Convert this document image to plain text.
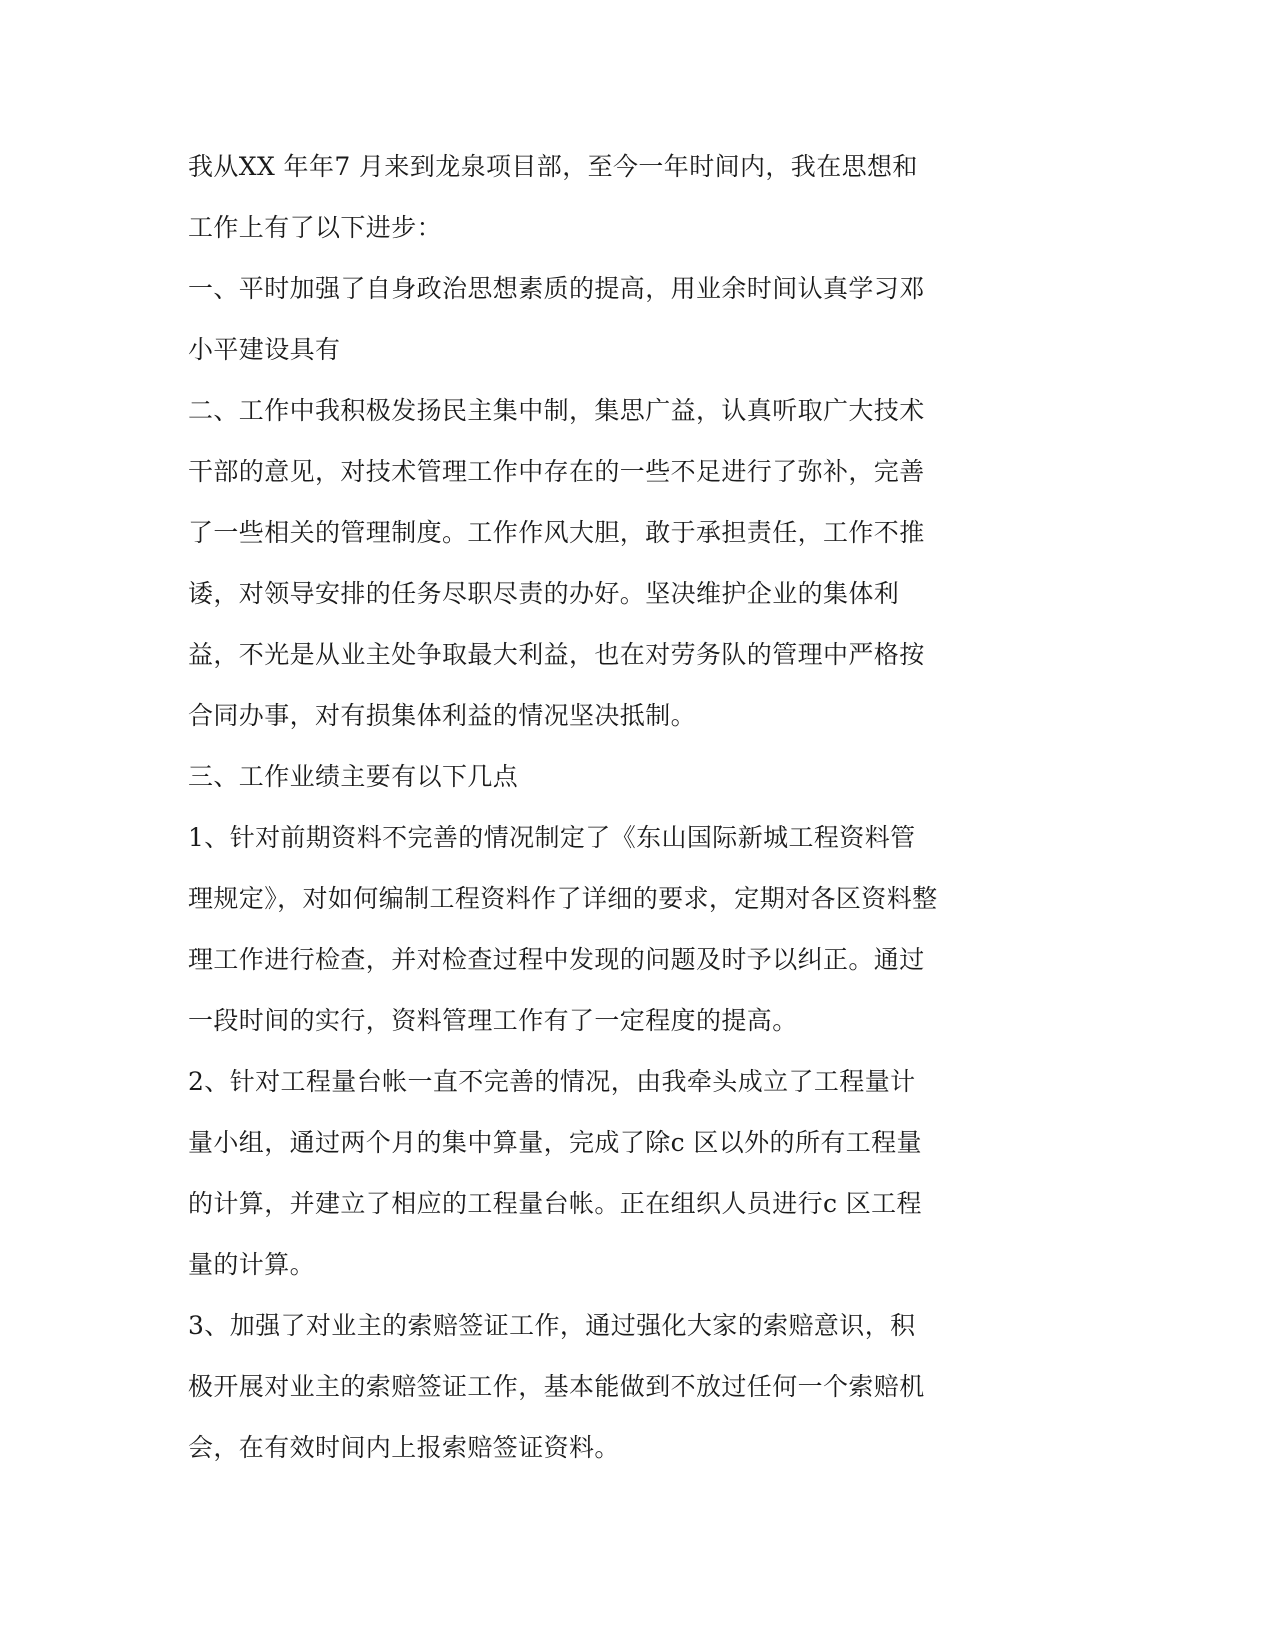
我从XX 年年7 月来到龙泉项目部，至今一年时间内，我在思想和工作上有了以下进步：

一、平时加强了自身政治思想素质的提高，用业余时间认真学习邓小平建设具有

二、工作中我积极发扬民主集中制，集思广益，认真听取广大技术干部的意见，对技术管理工作中存在的一些不足进行了弥补，完善了一些相关的管理制度。工作作风大胆，敢于承担责任，工作不推诿，对领导安排的任务尽职尽责的办好。坚决维护企业的集体利益，不光是从业主处争取最大利益，也在对劳务队的管理中严格按合同办事，对有损集体利益的情况坚决抵制。

三、工作业绩主要有以下几点

1、针对前期资料不完善的情况制定了《东山国际新城工程资料管理规定》，对如何编制工程资料作了详细的要求，定期对各区资料整理工作进行检查，并对检查过程中发现的问题及时予以纠正。通过一段时间的实行，资料管理工作有了一定程度的提高。

2、针对工程量台帐一直不完善的情况，由我牵头成立了工程量计量小组，通过两个月的集中算量，完成了除c 区以外的所有工程量的计算，并建立了相应的工程量台帐。正在组织人员进行c 区工程量的计算。

3、加强了对业主的索赔签证工作，通过强化大家的索赔意识，积极开展对业主的索赔签证工作，基本能做到不放过任何一个索赔机会，在有效时间内上报索赔签证资料。
